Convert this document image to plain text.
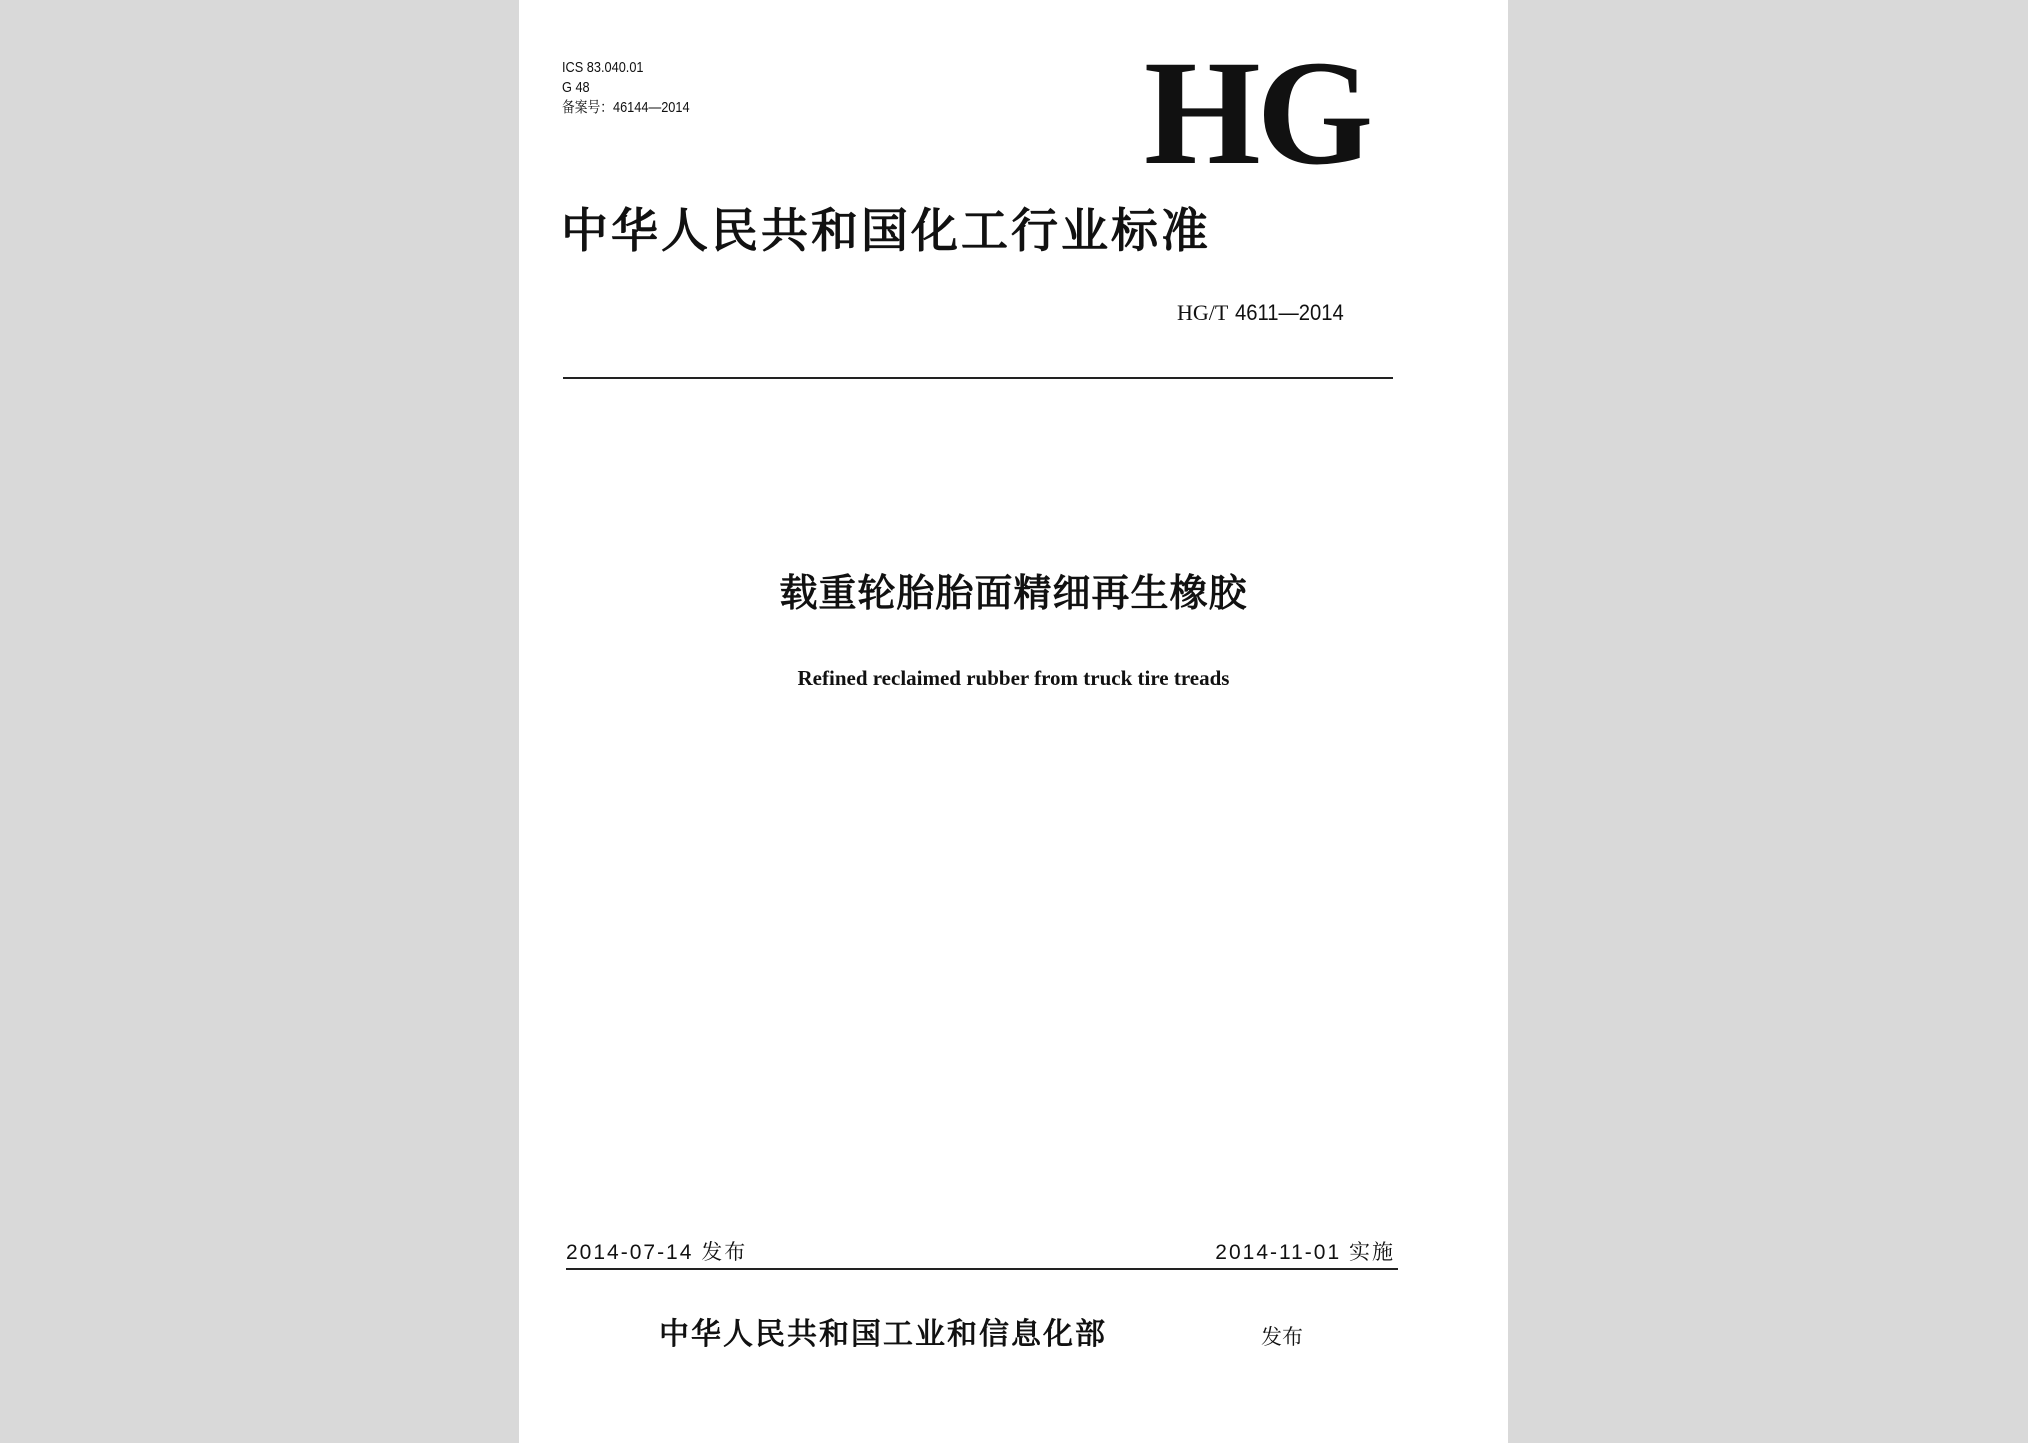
ICS 83.040.01
G 48
备案号：46144—2014	HG
中华人民共和国化工行业标准
HG/T 4611—2014
载重轮胎胎面精细再生橡胶
Refined reclaimed rubber from truck tire treads
2014-07-14 发布	2014-11-01 实施
中华人民共和国工业和信息化部	发布
